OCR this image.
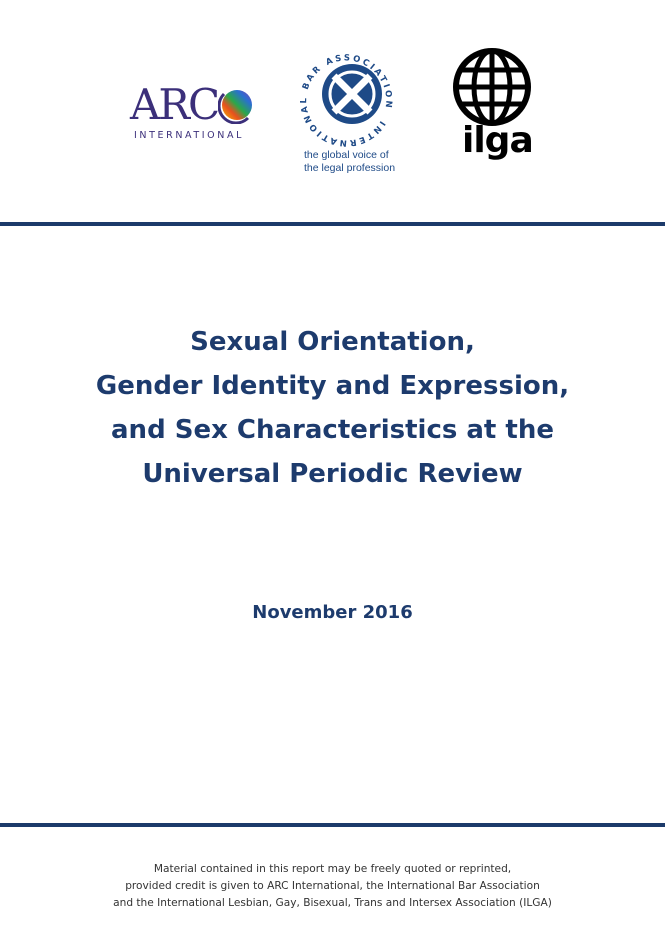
ARC
INTERNATIONAL
INTERNATIONAL BAR ASSOCIATION
the global voice of
the legal profession
ilga
Sexual Orientation,
Gender Identity and Expression,
and Sex Characteristics at the
Universal Periodic Review
November 2016
Material contained in this report may be freely quoted or reprinted,
provided credit is given to ARC International, the International Bar Association
and the International Lesbian, Gay, Bisexual, Trans and Intersex Association (ILGA)
